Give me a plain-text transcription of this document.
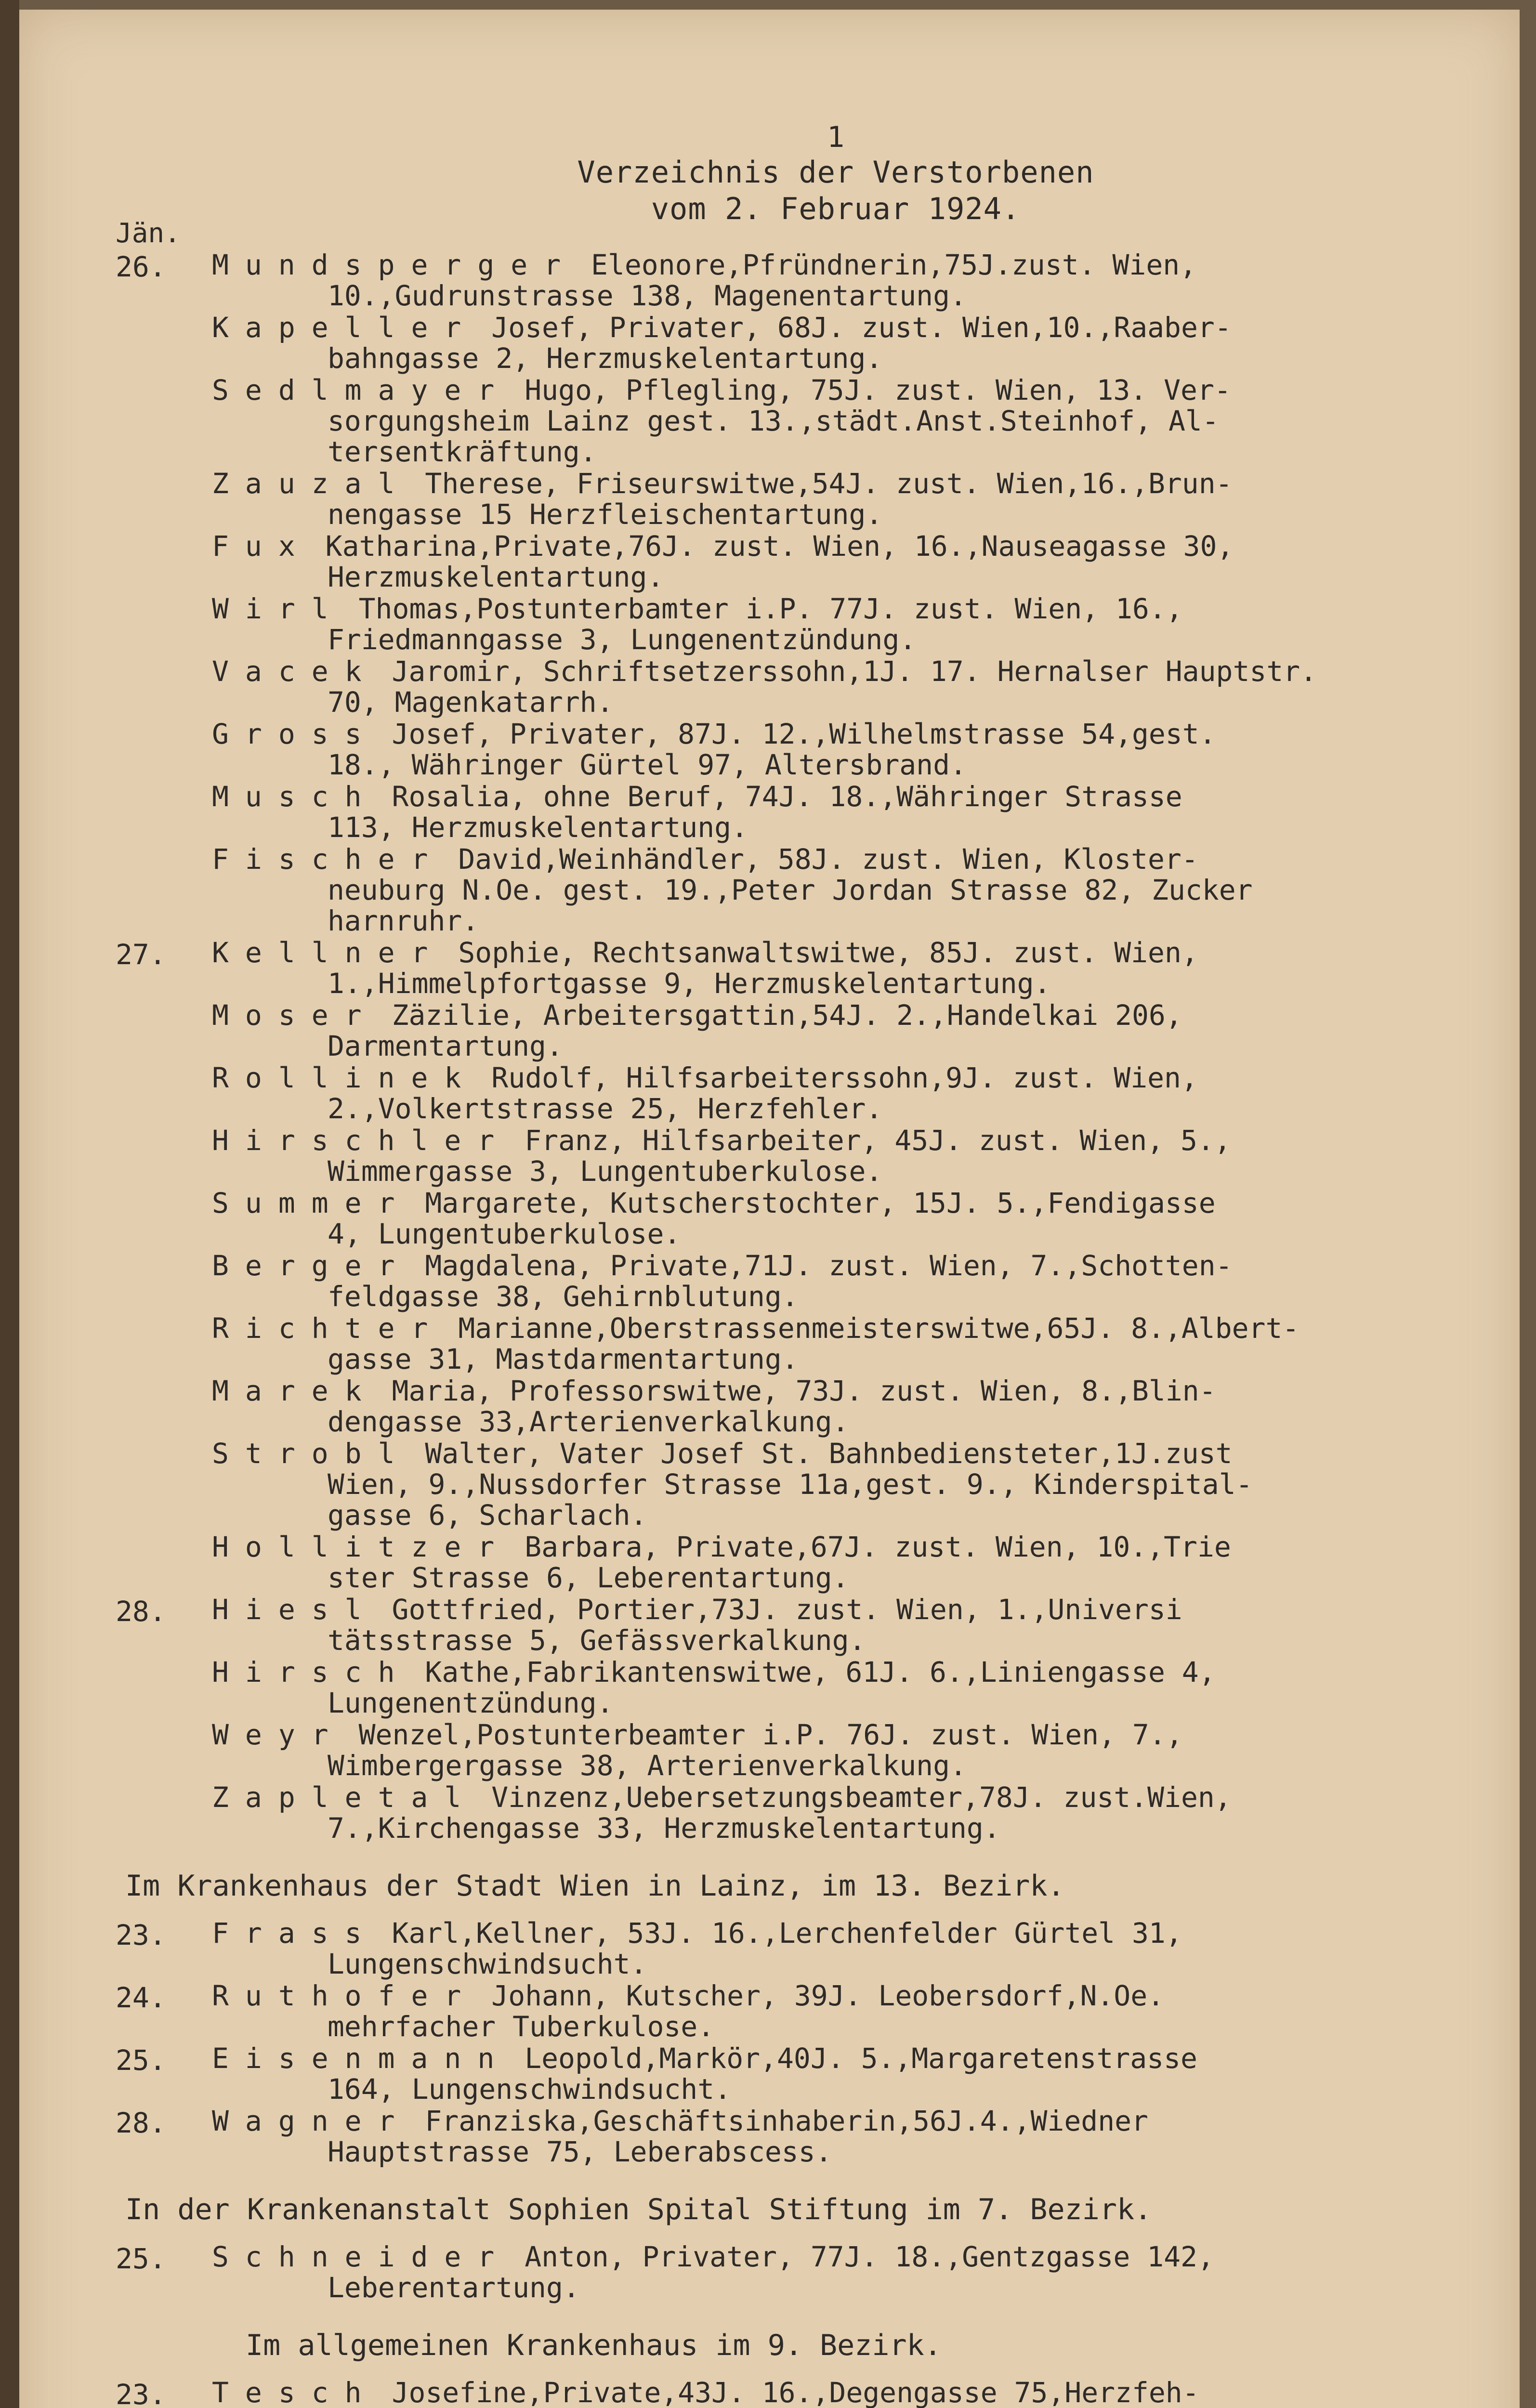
1
Verzeichnis der Verstorbenen
vom 2. Februar 1924.
Jän.
26.	Mundsperger Eleonore,Pfründnerin,75J.zust. Wien,

10.,Gudrunstrasse 138, Magenentartung.

Kapeller Josef, Privater, 68J. zust. Wien,10.,Raaber-

bahngasse 2, Herzmuskelentartung.

Sedlmayer Hugo, Pflegling, 75J. zust. Wien, 13. Ver-

sorgungsheim Lainz gest. 13.,städt.Anst.Steinhof, Al-

tersentkräftung.

Zauzal Therese, Friseurswitwe,54J. zust. Wien,16.,Brun-

nengasse 15 Herzfleischentartung.

Fux Katharina,Private,76J. zust. Wien, 16.,Nauseagasse 30,

Herzmuskelentartung.

Wirl Thomas,Postunterbamter i.P. 77J. zust. Wien, 16.,

Friedmanngasse 3, Lungenentzündung.

Vacek Jaromir, Schriftsetzerssohn,1J. 17. Hernalser Hauptstr.

70, Magenkatarrh.

Gross Josef, Privater, 87J. 12.,Wilhelmstrasse 54,gest.

18., Währinger Gürtel 97, Altersbrand.

Musch Rosalia, ohne Beruf, 74J. 18.,Währinger Strasse

113, Herzmuskelentartung.

Fischer David,Weinhändler, 58J. zust. Wien, Kloster-

neuburg N.Oe. gest. 19.,Peter Jordan Strasse 82, Zucker

harnruhr.

27.	Kellner Sophie, Rechtsanwaltswitwe, 85J. zust. Wien,

1.,Himmelpfortgasse 9, Herzmuskelentartung.

Moser Zäzilie, Arbeitersgattin,54J. 2.,Handelkai 206,

Darmentartung.

Rollinek Rudolf, Hilfsarbeiterssohn,9J. zust. Wien,

2.,Volkertstrasse 25, Herzfehler.

Hirschler Franz, Hilfsarbeiter, 45J. zust. Wien, 5.,

Wimmergasse 3, Lungentuberkulose.

Summer Margarete, Kutscherstochter, 15J. 5.,Fendigasse

4, Lungentuberkulose.

Berger Magdalena, Private,71J. zust. Wien, 7.,Schotten-

feldgasse 38, Gehirnblutung.

Richter Marianne,Oberstrassenmeisterswitwe,65J. 8.,Albert-

gasse 31, Mastdarmentartung.

Marek Maria, Professorswitwe, 73J. zust. Wien, 8.,Blin-

dengasse 33,Arterienverkalkung.

Strobl Walter, Vater Josef St. Bahnbediensteter,1J.zust

Wien, 9.,Nussdorfer Strasse 11a,gest. 9., Kinderspital-

gasse 6, Scharlach.

Hollitzer Barbara, Private,67J. zust. Wien, 10.,Trie

ster Strasse 6, Leberentartung.

28.	Hiesl Gottfried, Portier,73J. zust. Wien, 1.,Universi

tätsstrasse 5, Gefässverkalkung.

Hirsch Kathe,Fabrikantenswitwe, 61J. 6.,Liniengasse 4,

Lungenentzündung.

Weyr Wenzel,Postunterbeamter i.P. 76J. zust. Wien, 7.,

Wimbergergasse 38, Arterienverkalkung.

Zapletal Vinzenz,Uebersetzungsbeamter,78J. zust.Wien,

7.,Kirchengasse 33, Herzmuskelentartung.

Im Krankenhaus der Stadt Wien in Lainz, im 13. Bezirk.
23.	Frass Karl,Kellner, 53J. 16.,Lerchenfelder Gürtel 31,

Lungenschwindsucht.

24.	Ruthofer Johann, Kutscher, 39J. Leobersdorf,N.Oe.

mehrfacher Tuberkulose.

25.	Eisenmann Leopold,Markör,40J. 5.,Margaretenstrasse

164, Lungenschwindsucht.

28.	Wagner Franziska,Geschäftsinhaberin,56J.4.,Wiedner

Hauptstrasse 75, Leberabscess.

In der Krankenanstalt Sophien Spital Stiftung im 7. Bezirk.
25.	Schneider Anton, Privater, 77J. 18.,Gentzgasse 142,

Leberentartung.

Im allgemeinen Krankenhaus im 9. Bezirk.
23.	Tesch Josefine,Private,43J. 16.,Degengasse 75,Herzfeh-
